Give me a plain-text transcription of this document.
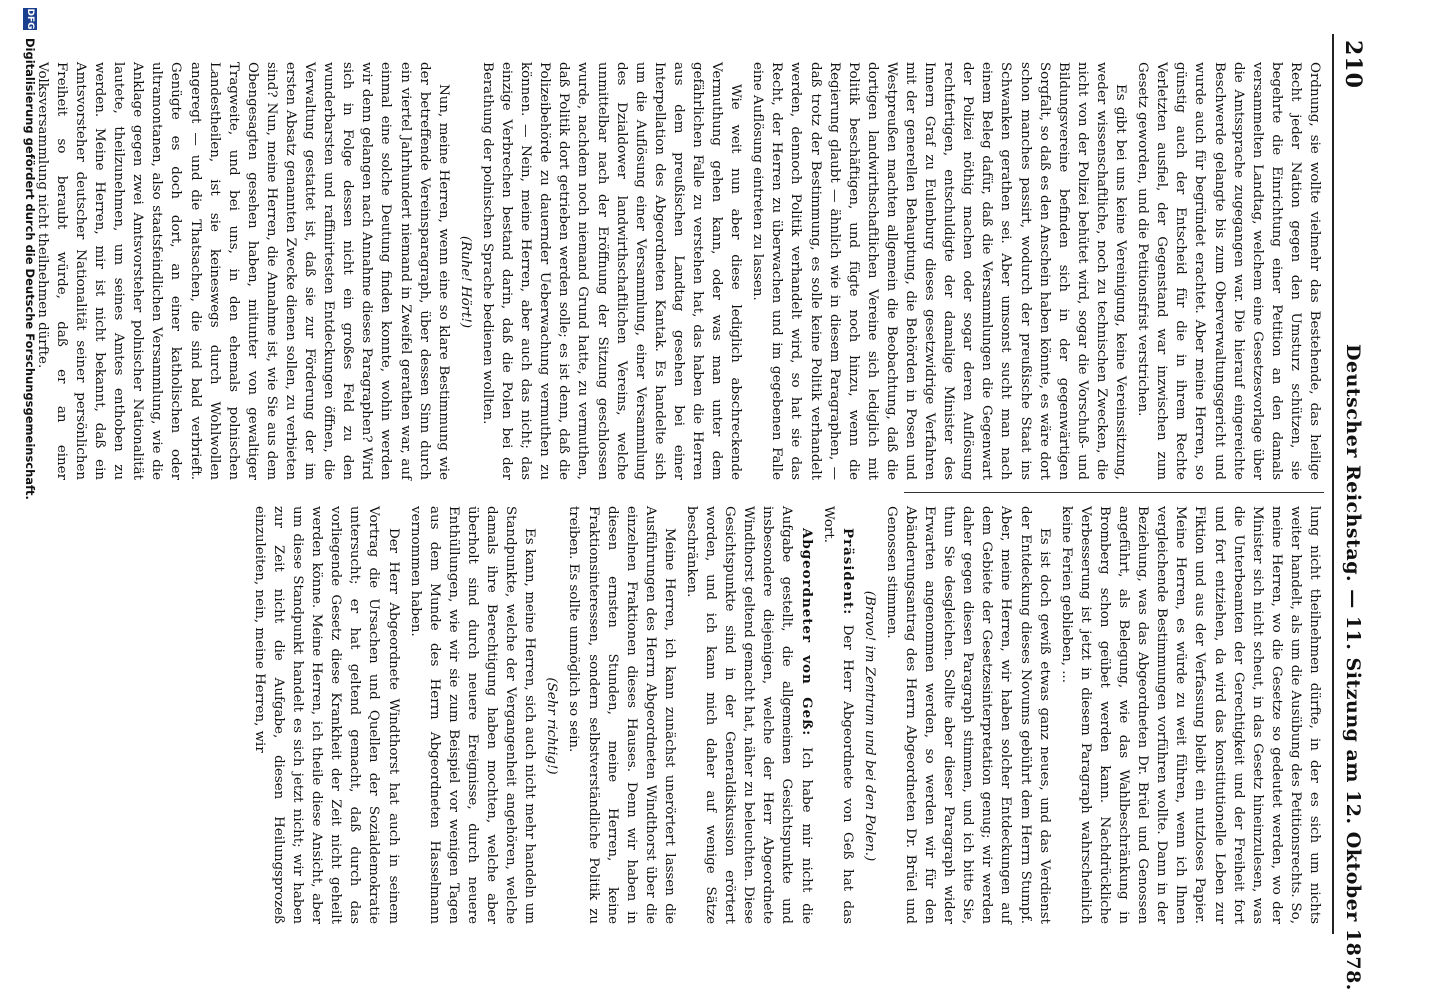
210
Deutscher Reichstag. — 11. Sitzung am 12. Oktober 1878.

Ordnung, sie wollte vielmehr das Bestehende, das heilige Recht jeder Nation gegen den Umsturz schützen, sie begehrte die Einrichtung einer Petition an den damals versammelten Landtag, welchem eine Gesetzesvorlage über die Amtssprache zugegangen war. Die hierauf eingereichte Beschwerde gelangte bis zum Oberverwaltungsgericht und wurde auch für begründet erachtet. Aber meine Herren, so günstig auch der Entscheid für die in ihrem Rechte Verletzten ausfiel, der Gegenstand war inzwischen zum Gesetz geworden, und die Petitionsfrist verstrichen.

Es gibt bei uns keine Vereinigung, keine Vereinssitzung, weder wissenschaftliche, noch zu technischen Zwecken, die nicht von der Polizei behütet wird, sogar die Vorschuß- und Bildungsvereine befinden sich in der gegenwärtigen Sorgfalt, so daß es den Anschein haben könnte, es wäre dort schon manches passirt, wodurch der preußische Staat ins Schwanken gerathen sei. Aber umsonst sucht man nach einem Beleg dafür, daß die Versammlungen die Gegenwart der Polizei nöthig machen oder sogar deren Auflösung rechtfertigen, entschuldigte der damalige Minister des Innern Graf zu Eulenburg dieses gesetzwidrige Verfahren mit der generellen Behauptung, die Behörden in Posen und Westpreußen machten allgemein die Beobachtung, daß die dortigen landwirthschaftlichen Vereine sich lediglich mit Politik beschäftigen, und fügte noch hinzu, wenn die Regierung glaubt — ähnlich wie in diesem Paragraphen, — daß trotz der Bestimmung, es solle keine Politik verhandelt werden, dennoch Politik verhandelt wird, so hat sie das Recht, der Herren zu überwachen und im gegebenen Falle eine Auflösung eintreten zu lassen.

Wie weit nun aber diese lediglich abschreckende Vermuthung gehen kann, oder was man unter dem gefährlichen Falle zu verstehen hat, das haben die Herren aus dem preußischen Landtag gesehen bei einer Interpellation des Abgeordneten Kantak. Es handelte sich um die Auflösung einer Versammlung, einer Versammlung des Dzialdower landwirthschaftlichen Vereins, welche unmittelbar nach der Eröffnung der Sitzung geschlossen wurde, nachdem noch niemand Grund hatte, zu vermuthen, daß Politik dort getrieben werden solle; es ist denn, daß die Polizeibehörde zu dauernder Ueberwachung vermuthen zu können. — Nein, meine Herren, aber auch das nicht; das einzige Verbrechen bestand darin, daß die Polen bei der Berathung der polnischen Sprache bedienen wollten.

(Ruhe! Hört!)

Nun, meine Herren, wenn eine so klare Bestimmung wie der betreffende Vereinsparagraph, über dessen Sinn durch ein viertel Jahrhundert niemand in Zweifel gerathen war, auf einmal eine solche Deutung finden konnte, wohin werden wir denn gelangen nach Annahme dieses Paragraphen? Wird sich in Folge dessen nicht ein großes Feld zu den wunderbarsten und raffinirtesten Entdeckungen öffnen, die Verwaltung gestattet ist, daß sie zur Förderung der im ersten Absatz genannten Zwecke dienen sollen, zu verbieten sind? Nun, meine Herren, die Annahme ist, wie Sie aus dem Obengesagten gesehen haben, mitunter von gewaltiger Tragweite, und bei uns, in den ehemals polnischen Landestheilen, ist sie keineswegs durch Wohlwollen angeregt — und die Thatsachen, die sind bald verbrieft. Genügte es doch dort, an einer katholischen oder ultramontanen, also staatsfeindlichen Versammlung, wie die Anklage gegen zwei Amtsvorsteher polnischer Nationalität lautete, theilzunehmen, um seines Amtes enthoben zu werden. Meine Herren, mir ist nicht bekannt, daß ein Amtsvorsteher deutscher Nationalität seiner persönlichen Freiheit so beraubt würde, daß er an einer Volksversammlung nicht theilnehmen dürfte.

lung nicht theilnehmen dürfte, in der es sich um nichts weiter handelt, als um die Ausübung des Petitionsrechts. So, meine Herren, wo die Gesetze so gedeutet werden, wo der Minister sich nicht scheut, in das Gesetz hineinzulesen, was die Unterbeamten der Gerechtigkeit und der Freiheit fort und fort entziehen, da wird das konstitutionelle Leben zur Fiktion und aus der Verfassung bleibt ein nutzloses Papier. Meine Herren, es würde zu weit führen, wenn ich Ihnen vergleichende Bestimmungen vorführen wollte. Dann in der Beziehung, was das Abgeordneten Dr. Brüel und Genossen angeführt, als Belegung, wie das Wahlbeschränkung in Bromberg schon geübet werden kann. Nachdrückliche Verbesserung ist jetzt in diesem Paragraph wahrscheinlich keine Ferien geblieben, ...

Es ist doch gewiß etwas ganz neues, und das Verdienst der Entdeckung dieses Novums gebührt dem Herrn Stumpf. Aber, meine Herren, wir haben solcher Entdeckungen auf dem Gebiete der Gesetzesinterpretation genug; wir werden daher gegen diesen Paragraph stimmen, und ich bitte Sie, thun Sie desgleichen. Sollte aber dieser Paragraph wider Erwarten angenommen werden, so werden wir für den Abänderungsantrag des Herrn Abgeordneten Dr. Brüel und Genossen stimmen.

(Bravo! im Zentrum und bei den Polen.)

Präsident: Der Herr Abgeordnete von Geß hat das Wort.

Abgeordneter von Geß: Ich habe mir nicht die Aufgabe gestellt, die allgemeinen Gesichtspunkte und insbesondere diejenigen, welche der Herr Abgeordnete Windthorst geltend gemacht hat, näher zu beleuchten. Diese Gesichtspunkte sind in der Generaldiskussion erörtert worden, und ich kann mich daher auf wenige Sätze beschränken.

Meine Herren, ich kann zunächst unerörtert lassen die Ausführungen des Herrn Abgeordneten Windthorst über die einzelnen Fraktionen dieses Hauses. Denn wir haben in diesen ernsten Stunden, meine Herren, keine Fraktionsinteressen, sondern selbstverständliche Politik zu treiben. Es sollte unmöglich so sein.

(Sehr richtig!)

Es kann, meine Herren, sich auch nicht mehr handeln um Standpunkte, welche der Vergangenheit angehören, welche damals ihre Berechtigung haben mochten, welche aber überholt sind durch neuere Ereignisse, durch neuere Enthüllungen, wie wir sie zum Beispiel vor wenigen Tagen aus dem Munde des Herrn Abgeordneten Hasselmann vernommen haben.

Der Herr Abgeordnete Windthorst hat auch in seinem Vortrag die Ursachen und Quellen der Sozialdemokratie untersucht; er hat geltend gemacht, daß durch das vorliegende Gesetz diese Krankheit der Zeit nicht geheilt werden könne. Meine Herren, ich theile diese Ansicht, aber um diese Standpunkt handelt es sich jetzt nicht; wir haben zur Zeit nicht die Aufgabe, diesen Heilungsprozeß einzuleiten, nein, meine Herren, wir

DFG
Digitalisierung gefördert durch die Deutsche Forschungsgemeinschaft.
